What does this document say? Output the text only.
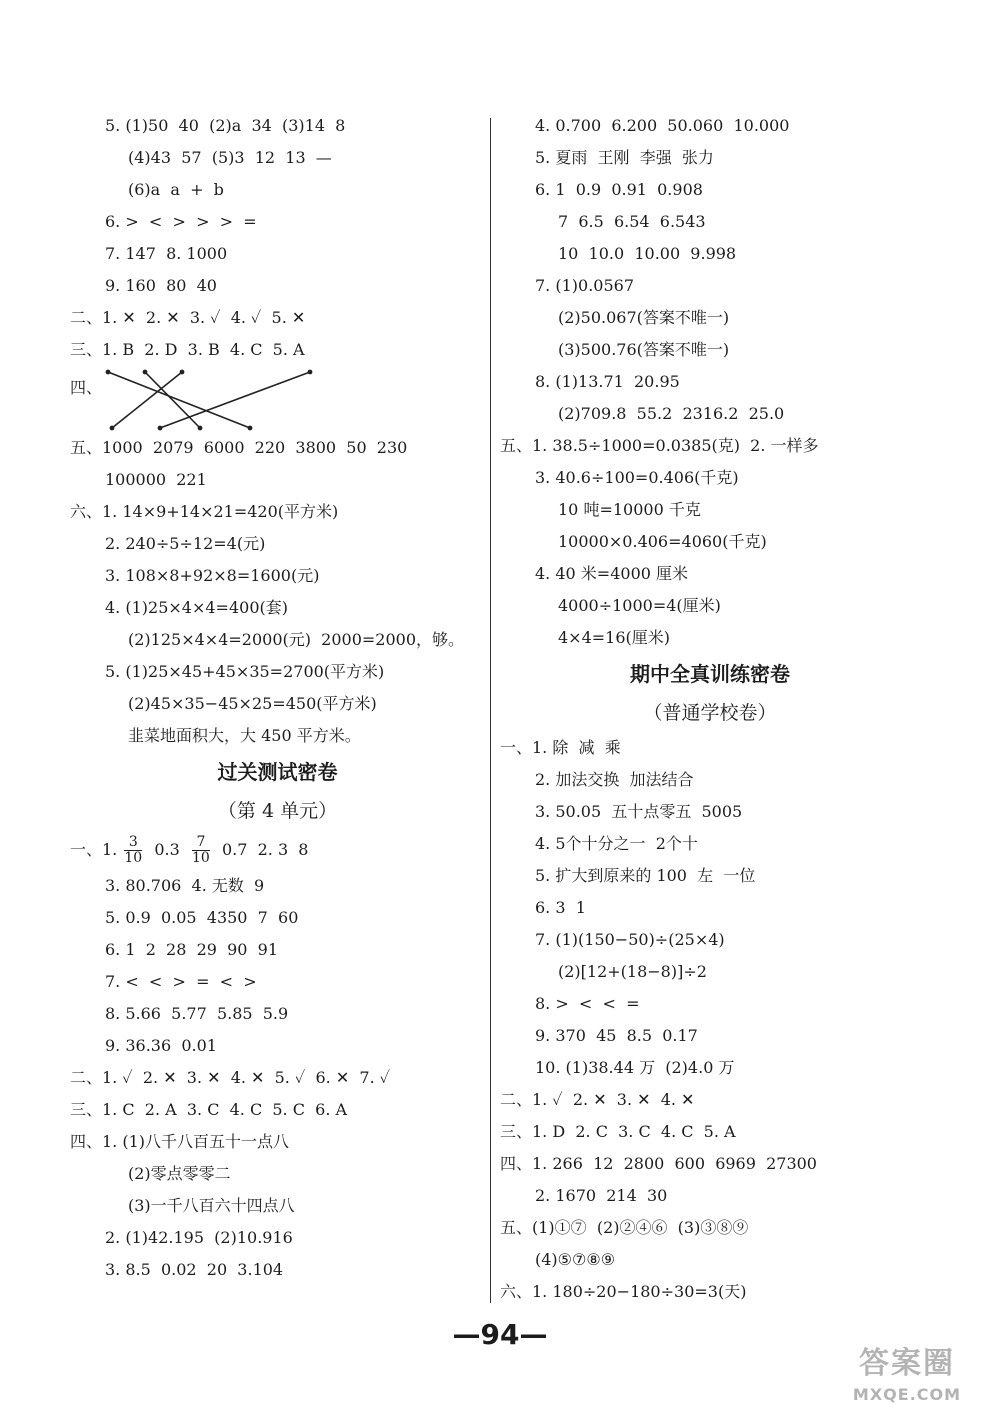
5. (1)50  40  (2)a  34  (3)14  8
(4)43  57  (5)3  12  13  —
(6)a  a  +  b
6. >  <  >  >  >  =
7. 147  8. 1000
9. 160  80  40
二、1. ✕  2. ✕  3. ✓  4. ✓  5. ✕
三、1. B  2. D  3. B  4. C  5. A
四、
五、1000  2079  6000  220  3800  50  230
100000  221
六、1. 14×9+14×21=420(平方米)
2. 240÷5÷12=4(元)
3. 108×8+92×8=1600(元)
4. (1)25×4×4=400(套)
(2)125×4×4=2000(元)  2000=2000，够。
5. (1)25×45+45×35=2700(平方米)
(2)45×35−45×25=450(平方米)
韭菜地面积大，大 450 平方米。
过关测试密卷
（第 4 单元）
一、1. $\frac{3}{10} 0.3 \frac{7}{10} 0.7$  2. 3  8
3. 80.706  4. 无数  9
5. 0.9  0.05  4350  7  60
6. 1  2  28  29  90  91
7. <  <  >  =  <  >
8. 5.66  5.77  5.85  5.9
9. 36.36  0.01
二、1. ✓  2. ✕  3. ✕  4. ✕  5. ✓  6. ✕  7. ✓
三、1. C  2. A  3. C  4. C  5. C  6. A
四、1. (1)八千八百五十一点八
(2)零点零零二
(3)一千八百六十四点八
2. (1)42.195  (2)10.916
3. 8.5  0.02  20  3.104
4. 0.700  6.200  50.060  10.000
5. 夏雨  王刚  李强  张力
6. 1  0.9  0.91  0.908
7  6.5  6.54  6.543
10  10.0  10.00  9.998
7. (1)0.0567
(2)50.067(答案不唯一)
(3)500.76(答案不唯一)
8. (1)13.71  20.95
(2)709.8  55.2  2316.2  25.0
五、1. 38.5÷1000=0.0385(克)  2. 一样多
3. 40.6÷100=0.406(千克)
10 吨=10000 千克
10000×0.406=4060(千克)
4. 40 米=4000 厘米
4000÷1000=4(厘米)
4×4=16(厘米)
期中全真训练密卷
（普通学校卷）
一、1. 除  减  乘
2. 加法交换  加法结合
3. 50.05  五十点零五  5005
4. 5个十分之一  2个十
5. 扩大到原来的 100  左  一位
6. 3  1
7. (1)(150−50)÷(25×4)
(2)[12+(18−8)]÷2
8. >  <  <  =
9. 370  45  8.5  0.17
10. (1)38.44 万  (2)4.0 万
二、1. ✓  2. ✕  3. ✕  4. ✕
三、1. D  2. C  3. C  4. C  5. A
四、1. 266  12  2800  600  6969  27300
2. 1670  214  30
五、(1)①⑦  (2)②④⑥  (3)③⑧⑨
(4)⑤⑦⑧⑨
六、1. 180÷20−180÷30=3(天)
—94—
答案圈
MXQE.COM
